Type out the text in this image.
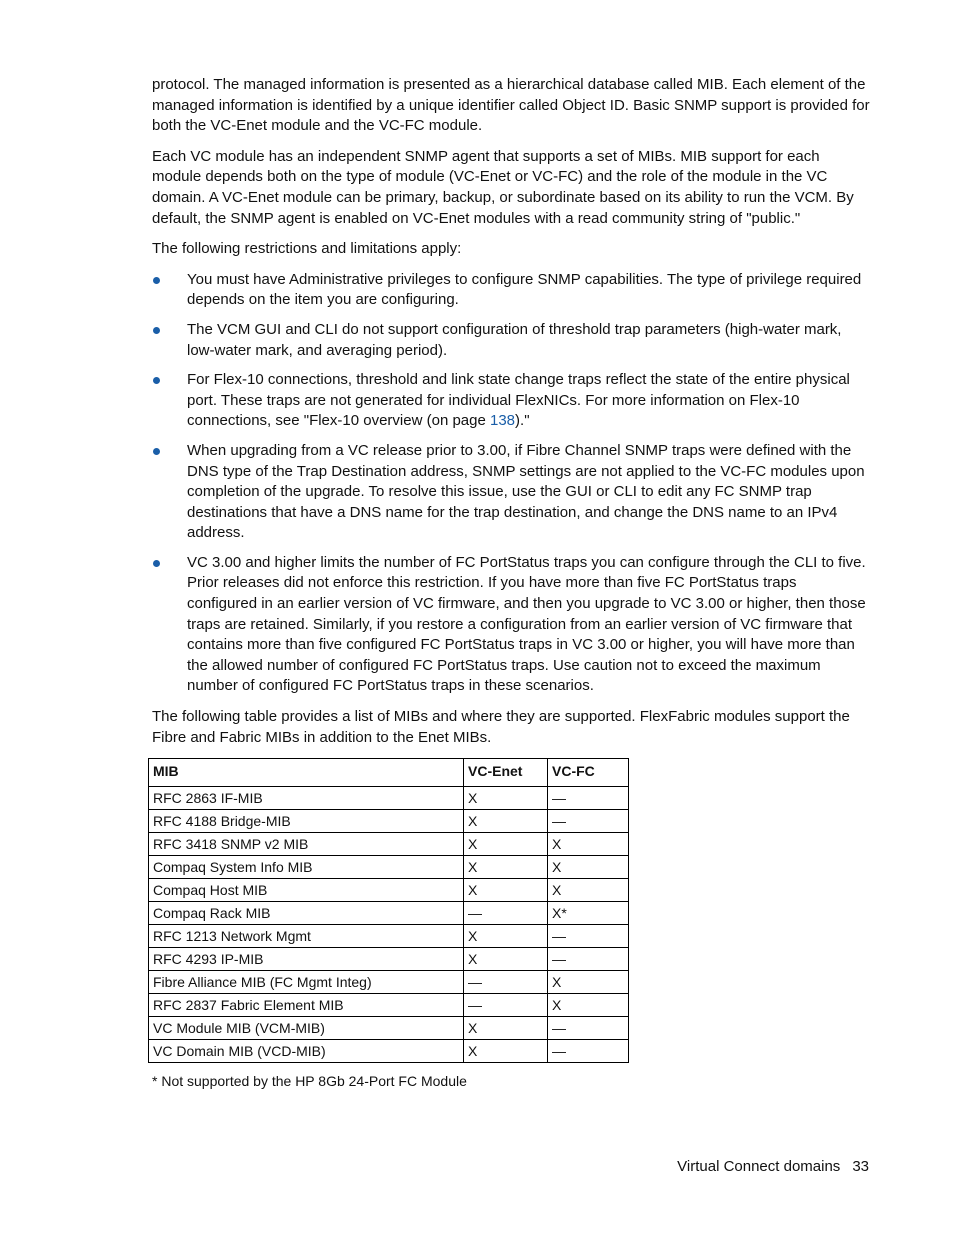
protocol. The managed information is presented as a hierarchical database called MIB. Each element of the managed information is identified by a unique identifier called Object ID. Basic SNMP support is provided for both the VC-Enet module and the VC-FC module.

Each VC module has an independent SNMP agent that supports a set of MIBs. MIB support for each module depends both on the type of module (VC-Enet or VC-FC) and the role of the module in the VC domain. A VC-Enet module can be primary, backup, or subordinate based on its ability to run the VCM. By default, the SNMP agent is enabled on VC-Enet modules with a read community string of "public."

The following restrictions and limitations apply:

You must have Administrative privileges to configure SNMP capabilities. The type of privilege required depends on the item you are configuring.
The VCM GUI and CLI do not support configuration of threshold trap parameters (high-water mark, low-water mark, and averaging period).
For Flex-10 connections, threshold and link state change traps reflect the state of the entire physical port. These traps are not generated for individual FlexNICs. For more information on Flex-10 connections, see "Flex-10 overview (on page 138)."
When upgrading from a VC release prior to 3.00, if Fibre Channel SNMP traps were defined with the DNS type of the Trap Destination address, SNMP settings are not applied to the VC-FC modules upon completion of the upgrade. To resolve this issue, use the GUI or CLI to edit any FC SNMP trap destinations that have a DNS name for the trap destination, and change the DNS name to an IPv4 address.
VC 3.00 and higher limits the number of FC PortStatus traps you can configure through the CLI to five. Prior releases did not enforce this restriction. If you have more than five FC PortStatus traps configured in an earlier version of VC firmware, and then you upgrade to VC 3.00 or higher, then those traps are retained. Similarly, if you restore a configuration from an earlier version of VC firmware that contains more than five configured FC PortStatus traps in VC 3.00 or higher, you will have more than the allowed number of configured FC PortStatus traps. Use caution not to exceed the maximum number of configured FC PortStatus traps in these scenarios.

The following table provides a list of MIBs and where they are supported. FlexFabric modules support the Fibre and Fabric MIBs in addition to the Enet MIBs.

MIB	VC-Enet	VC-FC
RFC 2863 IF-MIB	X	—
RFC 4188 Bridge-MIB	X	—
RFC 3418 SNMP v2 MIB	X	X
Compaq System Info MIB	X	X
Compaq Host MIB	X	X
Compaq Rack MIB	—	X*
RFC 1213 Network Mgmt	X	—
RFC 4293 IP-MIB	X	—
Fibre Alliance MIB (FC Mgmt Integ)	—	X
RFC 2837 Fabric Element MIB	—	X
VC Module MIB (VCM-MIB)	X	—
VC Domain MIB (VCD-MIB)	X	—
* Not supported by the HP 8Gb 24-Port FC Module
Virtual Connect domains 33
